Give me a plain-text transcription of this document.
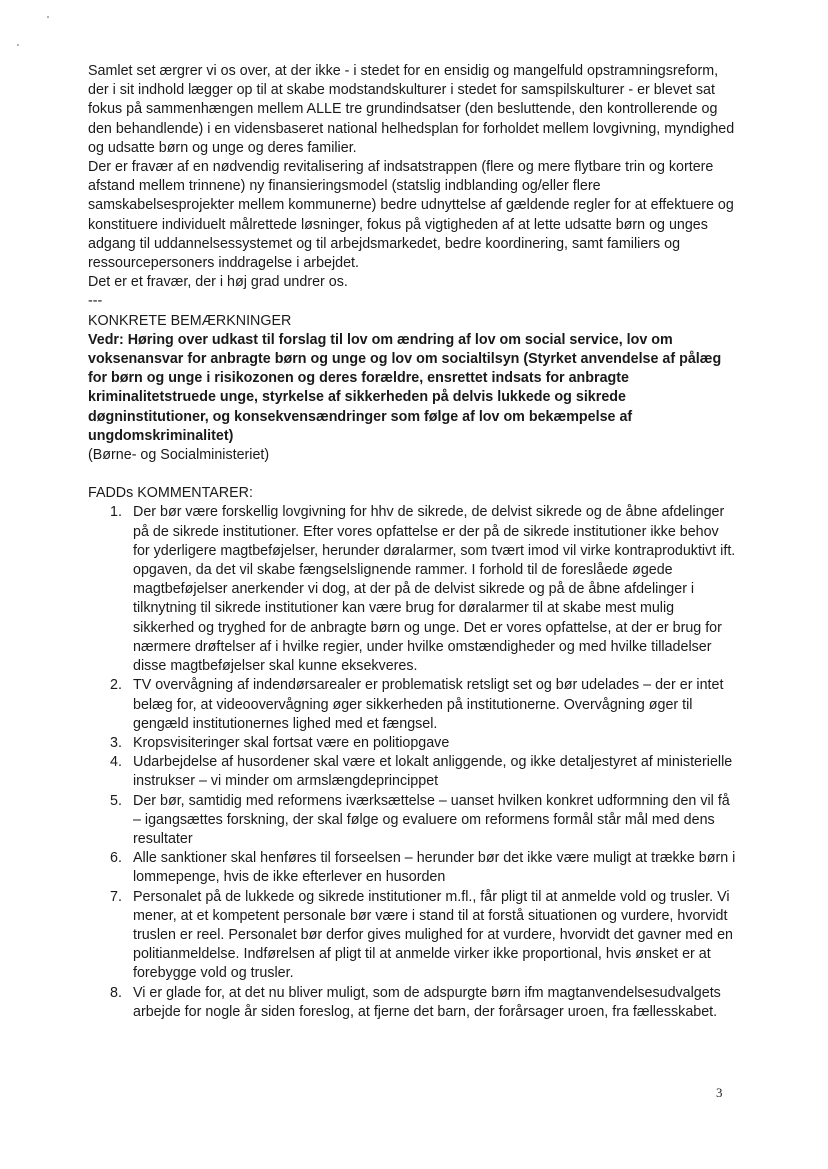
Samlet set ærgrer vi os over, at der ikke - i stedet for en ensidig og mangelfuld opstramningsreform, der i sit indhold lægger op til at skabe modstandskulturer i stedet for samspilskulturer - er blevet sat fokus på sammenhængen mellem ALLE tre grundindsatser (den besluttende, den kontrollerende og den behandlende) i en vidensbaseret national helhedsplan for forholdet mellem lovgivning, myndighed og udsatte børn og unge og deres familier.

Der er fravær af en nødvendig revitalisering af indsatstrappen (flere og mere flytbare trin og kortere afstand mellem trinnene) ny finansieringsmodel (statslig indblanding og/eller flere samskabelsesprojekter mellem kommunerne) bedre udnyttelse af gældende regler for at effektuere og konstituere individuelt målrettede løsninger, fokus på vigtigheden af at lette udsatte børn og unges adgang til uddannelsessystemet og til arbejdsmarkedet, bedre koordinering, samt familiers og ressourcepersoners inddragelse i arbejdet.

Det er et fravær, der i høj grad undrer os.

---

KONKRETE BEMÆRKNINGER

Vedr: Høring over udkast til forslag til lov om ændring af lov om social service, lov om voksenansvar for anbragte børn og unge og lov om socialtilsyn (Styrket anvendelse af pålæg for børn og unge i risikozonen og deres forældre, ensrettet indsats for anbragte kriminalitetstruede unge, styrkelse af sikkerheden på delvis lukkede og sikrede døgninstitutioner, og konsekvensændringer som følge af lov om bekæmpelse af ungdomskriminalitet)

(Børne- og Socialministeriet)

FADDs KOMMENTARER:

1. Der bør være forskellig lovgivning for hhv de sikrede, de delvist sikrede og de åbne afdelinger på de sikrede institutioner. Efter vores opfattelse er der på de sikrede institutioner ikke behov for yderligere magtbeføjelser, herunder døralarmer, som tvært imod vil virke kontraproduktivt ift. opgaven, da det vil skabe fængselslignende rammer. I forhold til de foreslåede øgede magtbeføjelser anerkender vi dog, at der på de delvist sikrede og på de åbne afdelinger i tilknytning til sikrede institutioner kan være brug for døralarmer til at skabe mest mulig sikkerhed og tryghed for de anbragte børn og unge. Det er vores opfattelse, at der er brug for nærmere drøftelser af i hvilke regier, under hvilke omstændigheder og med hvilke tilladelser disse magtbeføjelser skal kunne eksekveres.
2. TV overvågning af indendørsarealer er problematisk retsligt set og bør udelades – der er intet belæg for, at videoovervågning øger sikkerheden på institutionerne. Overvågning øger til gengæld institutionernes lighed med et fængsel.
3. Kropsvisiteringer skal fortsat være en politiopgave
4. Udarbejdelse af husordener skal være et lokalt anliggende, og ikke detaljestyret af ministerielle instrukser – vi minder om armslængdeprincippet
5. Der bør, samtidig med reformens iværksættelse – uanset hvilken konkret udformning den vil få – igangsættes forskning, der skal følge og evaluere om reformens formål står mål med dens resultater
6. Alle sanktioner skal henføres til forseelsen – herunder bør det ikke være muligt at trække børn i lommepenge, hvis de ikke efterlever en husorden
7. Personalet på de lukkede og sikrede institutioner m.fl., får pligt til at anmelde vold og trusler. Vi mener, at et kompetent personale bør være i stand til at forstå situationen og vurdere, hvorvidt truslen er reel. Personalet bør derfor gives mulighed for at vurdere, hvorvidt det gavner med en politianmeldelse. Indførelsen af pligt til at anmelde virker ikke proportional, hvis ønsket er at forebygge vold og trusler.
8. Vi er glade for, at det nu bliver muligt, som de adspurgte børn ifm magtanvendelsesudvalgets arbejde for nogle år siden foreslog, at fjerne det barn, der forårsager uroen, fra fællesskabet.
3
